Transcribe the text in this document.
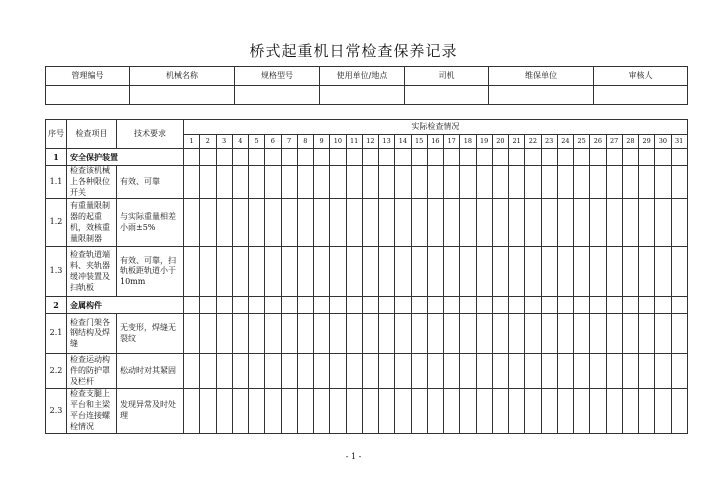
桥式起重机日常检查保养记录
管理编号	机械名称	规格型号	使用单位/地点	司机	维保单位	审核人

序号	检查项目	技术要求	实际检查情况																														
			1	2	3	4	5	6	7	8	9	10	11	12	13	14	15	16	17	18	19	20	21	22	23	24	25	26	27	28	29	30	31
1	安全保护装置																																
1.1	检查该机械上各种限位开关	有效、可靠																															
1.2	有重量限制器的起重机，效核重量限制器	与实际重量相差小雨±5%																															
1.3	检查轨道端料、夹轨器缓冲装置及扫轨板	有效、可靠，扫轨板距轨道小于10mm																															
2	金属构件																																
2.1	检查门架各钢结构及焊缝	无变形，焊缝无裂纹																															
2.2	检查运动构件的防护罩及栏杆	松动时对其紧固																															
2.3	检查支腿上平台和主梁平台连接螺栓情况	发现异常及时处理																															
- 1 -
